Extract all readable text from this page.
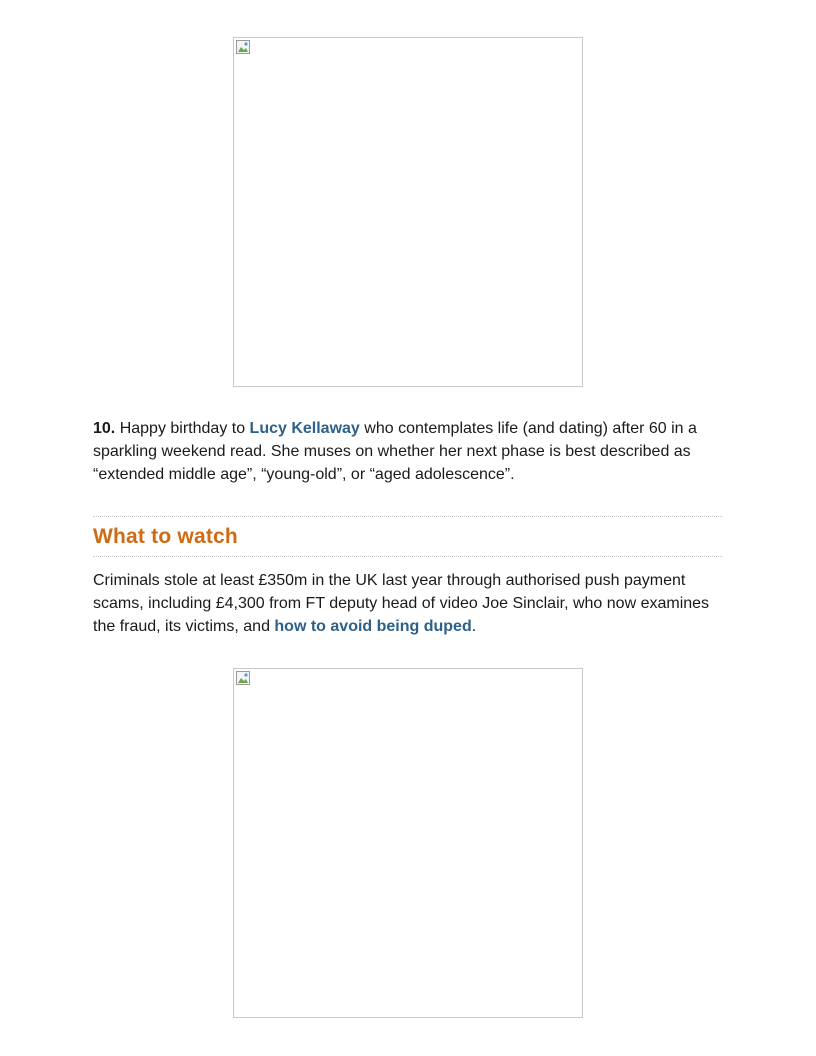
10. Happy birthday to Lucy Kellaway who contemplates life (and dating) after 60 in a sparkling weekend read. She muses on whether her next phase is best described as “extended middle age”, “young-old”, or “aged adolescence”.

What to watch

Criminals stole at least £350m in the UK last year through authorised push payment scams, including £4,300 from FT deputy head of video Joe Sinclair, who now examines the fraud, its victims, and how to avoid being duped.
